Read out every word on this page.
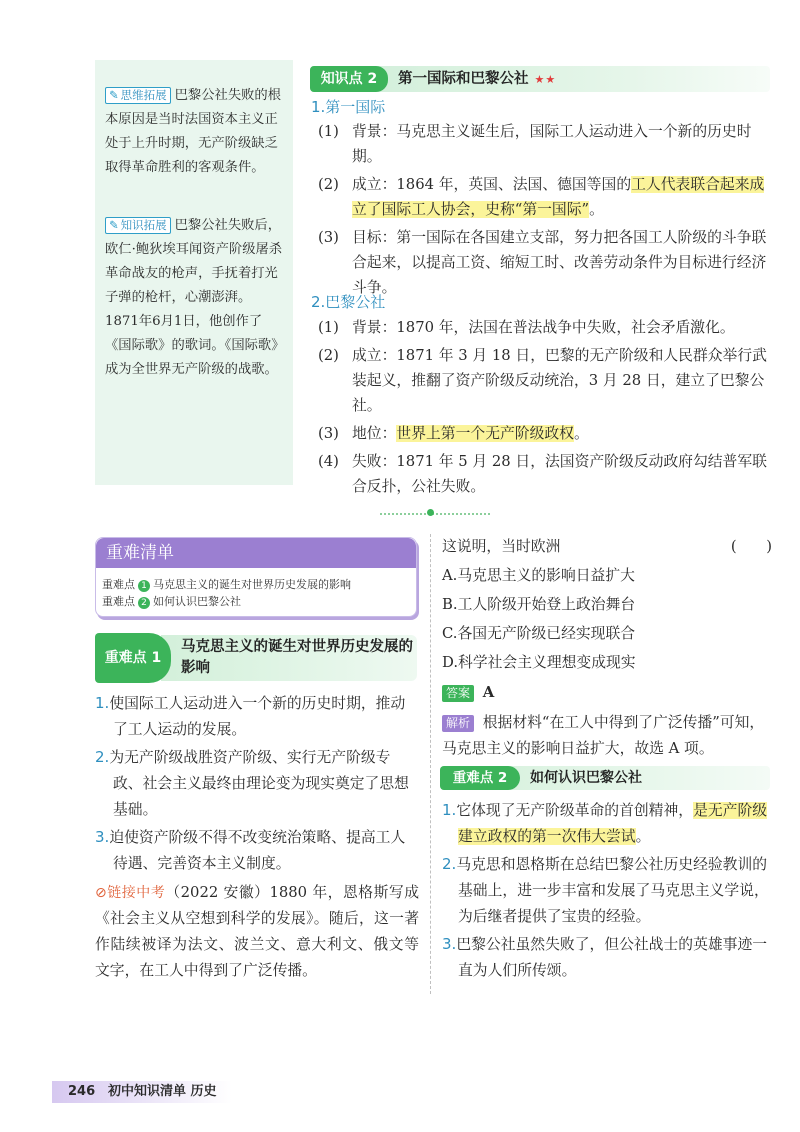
✎ 思维拓展 巴黎公社失败的根本原因是当时法国资本主义正处于上升时期，无产阶级缺乏取得革命胜利的客观条件。
✎ 知识拓展 巴黎公社失败后，欧仁·鲍狄埃耳闻资产阶级屠杀革命战友的枪声，手抚着打光子弹的枪杆，心潮澎湃。1871年6月1日，他创作了《国际歌》的歌词。《国际歌》成为全世界无产阶级的战歌。
知识点 2	第一国际和巴黎公社 ★★
1.第一国际
(1) 背景：马克思主义诞生后，国际工人运动进入一个新的历史时期。
(2) 成立：1864 年，英国、法国、德国等国的工人代表联合起来成立了国际工人协会，史称“第一国际”。
(3) 目标：第一国际在各国建立支部，努力把各国工人阶级的斗争联合起来，以提高工资、缩短工时、改善劳动条件为目标进行经济斗争。
2.巴黎公社
(1) 背景：1870 年，法国在普法战争中失败，社会矛盾激化。
(2) 成立：1871 年 3 月 18 日，巴黎的无产阶级和人民群众举行武装起义，推翻了资产阶级反动统治，3 月 28 日，建立了巴黎公社。
(3) 地位：世界上第一个无产阶级政权。
(4) 失败：1871 年 5 月 28 日，法国资产阶级反动政府勾结普军联合反扑，公社失败。
重难清单
重难点 1 马克思主义的诞生对世界历史发展的影响
重难点 2 如何认识巴黎公社
重难点 1
马克思主义的诞生对世界历史发展的影响
1.使国际工人运动进入一个新的历史时期，推动了工人运动的发展。
2.为无产阶级战胜资产阶级、实行无产阶级专政、社会主义最终由理论变为现实奠定了思想基础。
3.迫使资产阶级不得不改变统治策略、提高工人待遇、完善资本主义制度。
⊘链接中考（2022 安徽）1880 年，恩格斯写成《社会主义从空想到科学的发展》。随后，这一著作陆续被译为法文、波兰文、意大利文、俄文等文字，在工人中得到了广泛传播。
这说明，当时欧洲	(　　)
A.马克思主义的影响日益扩大
B.工人阶级开始登上政治舞台
C.各国无产阶级已经实现联合
D.科学社会主义理想变成现实
答案 A
解析 根据材料“在工人中得到了广泛传播”可知，马克思主义的影响日益扩大，故选 A 项。
重难点 2	如何认识巴黎公社
1.它体现了无产阶级革命的首创精神，是无产阶级建立政权的第一次伟大尝试。
2.马克思和恩格斯在总结巴黎公社历史经验教训的基础上，进一步丰富和发展了马克思主义学说，为后继者提供了宝贵的经验。
3.巴黎公社虽然失败了，但公社战士的英雄事迹一直为人们所传颂。
246 初中知识清单 历史
